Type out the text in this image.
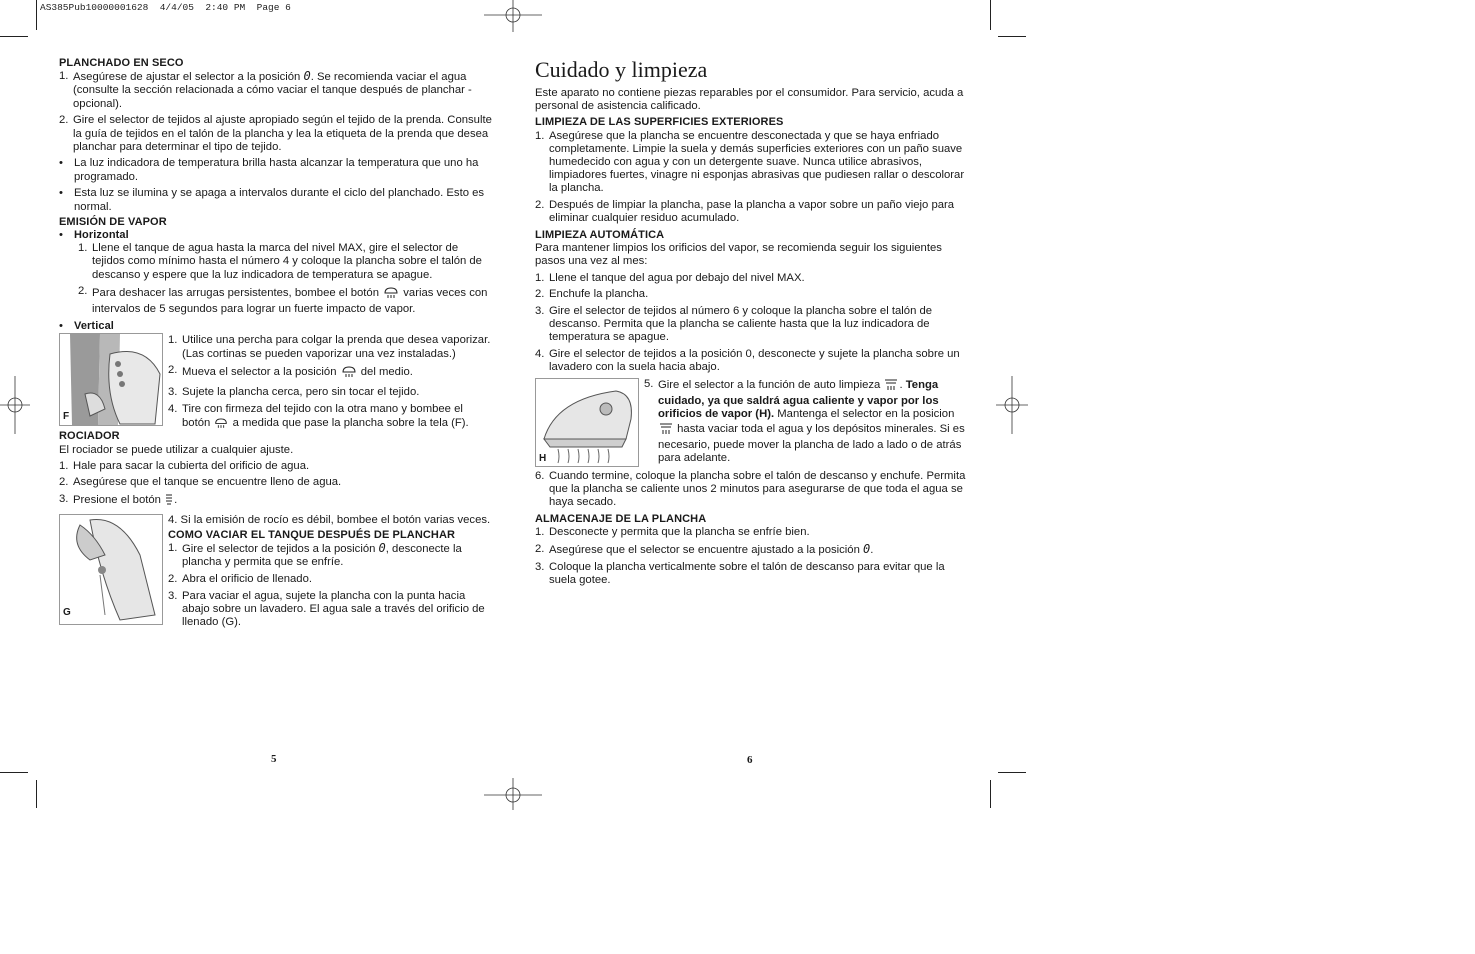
AS385Pub10000001628  4/4/05  2:40 PM  Page 6

PLANCHADO EN SECO

1. Asegúrese de ajustar el selector a la posición 0. Se recomienda vaciar el agua (consulte la sección relacionada a cómo vaciar el tanque después de planchar - opcional).
2. Gire el selector de tejidos al ajuste apropiado según el tejido de la prenda. Consulte la guía de tejidos en el talón de la plancha y lea la etiqueta de la prenda que desea planchar para determinar el tipo de tejido.
• La luz indicadora de temperatura brilla hasta alcanzar la temperatura que uno ha programado.
• Esta luz se ilumina y se apaga a intervalos durante el ciclo del planchado. Esto es normal.

EMISIÓN DE VAPOR

•	Horizontal
1. Llene el tanque de agua hasta la marca del nivel MAX, gire el selector de tejidos como mínimo hasta el número 4 y coloque la plancha sobre el talón de descanso y espere que la luz indicadora de temperatura se apague.
2. Para deshacer las arrugas persistentes, bombee el botón varias veces con intervalos de 5 segundos para lograr un fuerte impacto de vapor.
•	Vertical
F
1. Utilice una percha para colgar la prenda que desea vaporizar. (Las cortinas se pueden vaporizar una vez instaladas.)
2. Mueva el selector a la posición del medio.
3. Sujete la plancha cerca, pero sin tocar el tejido.
4. Tire con firmeza del tejido con la otra mano y bombee el botón a medida que pase la plancha sobre la tela (F).

ROCIADOR

El rociador se puede utilizar a cualquier ajuste.

1. Hale para sacar la cubierta del orificio de agua.
2. Asegúrese que el tanque se encuentre lleno de agua.
3. Presione el botón .
G

4. Si la emisión de rocío es débil, bombee el botón varias veces.

COMO VACIAR EL TANQUE DESPUÉS DE PLANCHAR

1. Gire el selector de tejidos a la posición 0, desconecte la plancha y permita que se enfríe.
2. Abra el orificio de llenado.
3. Para vaciar el agua, sujete la plancha con la punta hacia abajo sobre un lavadero. El agua sale a través del orificio de llenado (G).
5
Cuidado y limpieza

Este aparato no contiene piezas reparables por el consumidor. Para servicio, acuda a personal de asistencia calificado.

LIMPIEZA DE LAS SUPERFICIES EXTERIORES

1. Asegúrese que la plancha se encuentre desconectada y que se haya enfriado completamente. Limpie la suela y demás superficies exteriores con un paño suave humedecido con agua y con un detergente suave. Nunca utilice abrasivos, limpiadores fuertes, vinagre ni esponjas abrasivas que pudiesen rallar o descolorar la plancha.
2. Después de limpiar la plancha, pase la plancha a vapor sobre un paño viejo para eliminar cualquier residuo acumulado.

LIMPIEZA AUTOMÁTICA

Para mantener limpios los orificios del vapor, se recomienda seguir los siguientes pasos una vez al mes:

1. Llene el tanque del agua por debajo del nivel MAX.
2. Enchufe la plancha.
3. Gire el selector de tejidos al número 6 y coloque la plancha sobre el talón de descanso. Permita que la plancha se caliente hasta que la luz indicadora de temperatura se apague.
4. Gire el selector de tejidos a la posición 0, desconecte y sujete la plancha sobre un lavadero con la suela hacia abajo.
H
5. Gire el selector a la función de auto limpieza . Tenga cuidado, ya que saldrá agua caliente y vapor por los orificios de vapor (H). Mantenga el selector en la posicion  hasta vaciar toda el agua y los depósitos minerales. Si es necesario, puede mover la plancha de lado a lado o de atrás para adelante.
6. Cuando termine, coloque la plancha sobre el talón de descanso y enchufe. Permita que la plancha se caliente unos 2 minutos para asegurarse de que toda el agua se haya secado.

ALMACENAJE DE LA PLANCHA

1. Desconecte y permita que la plancha se enfríe bien.
2. Asegúrese que el selector se encuentre ajustado a la posición 0.
3. Coloque la plancha verticalmente sobre el talón de descanso para evitar que la suela gotee.
6
